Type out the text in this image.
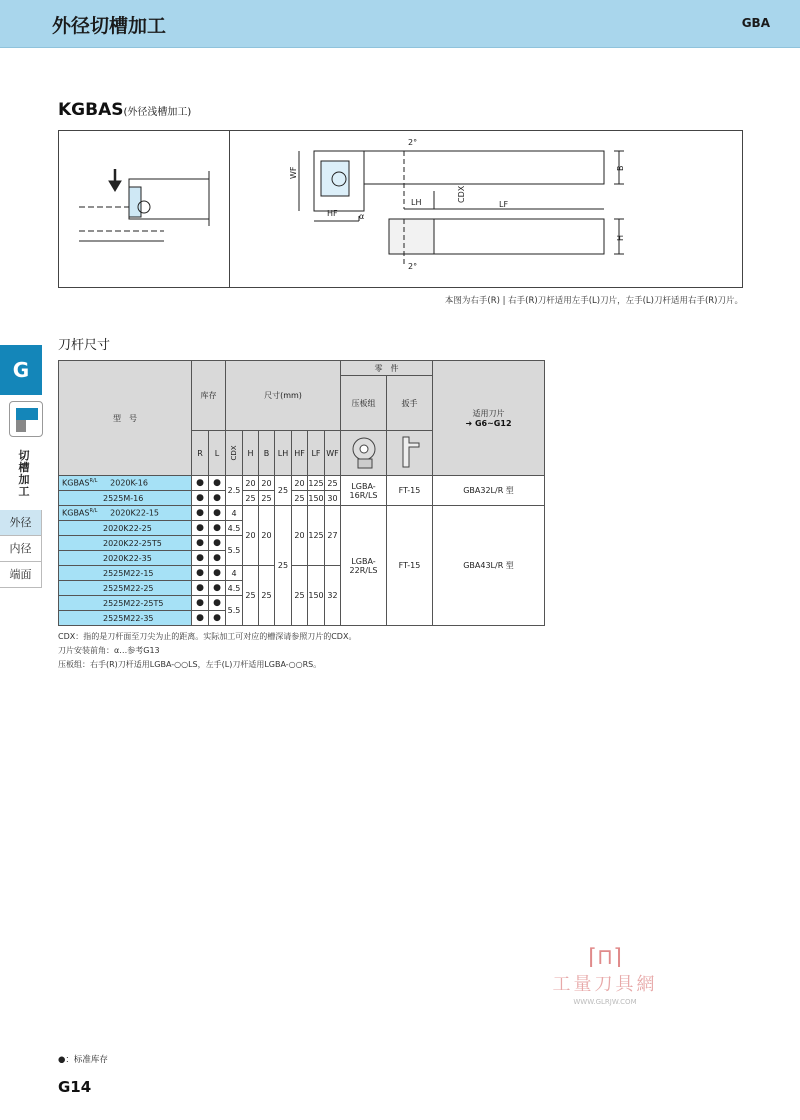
外径切槽加工	GBA
KGBAS(外径浅槽加工)
2°
2°
WF
HF	α
LH	CDX
LF
B
H
本图为右手(R) | 右手(R)刀杆适用左手(L)刀片，左手(L)刀杆适用右手(R)刀片。
刀杆尺寸
G
切槽加工
外径
内径
端面
型　号	库存		尺寸(mm)							零　件		适用刀片
➜ G6~G12

										压板组	扳手	
	R	L	CDX	H	B	LH	HF	LF	WF		
$KGBAS^{R/L}$ 2020K-16	●	●	2.5	20	20	25	20	125	25	LGBA-16R/LS	FT-15	GBA32L/R 型
2525M-16	●	●		25	25		25	150	30			
$KGBAS^{R/L}$ 2020K22-15	●	●	4	20	20	25	20	125	27	LGBA-22R/LS	FT-15	GBA43L/R 型
2020K22-25	●	●	4.5									
2020K22-25T5	●	●	5.5									
2020K22-35	●	●										
2525M22-15	●	●	4	25	25		25	150	32			
2525M22-25	●	●	4.5									
2525M22-25T5	●	●	5.5									
2525M22-35	●	●										
CDX：指的是刀杆面至刀尖为止的距离。实际加工可对应的槽深请参照刀片的CDX。
刀片安装前角：α…参考G13
压板组：右手(R)刀杆适用LGBA-○○LS，左手(L)刀杆适用LGBA-○○RS。
⌈⊓⌉
工量刀具網
WWW.GLRJW.COM
●：标准库存
G14
